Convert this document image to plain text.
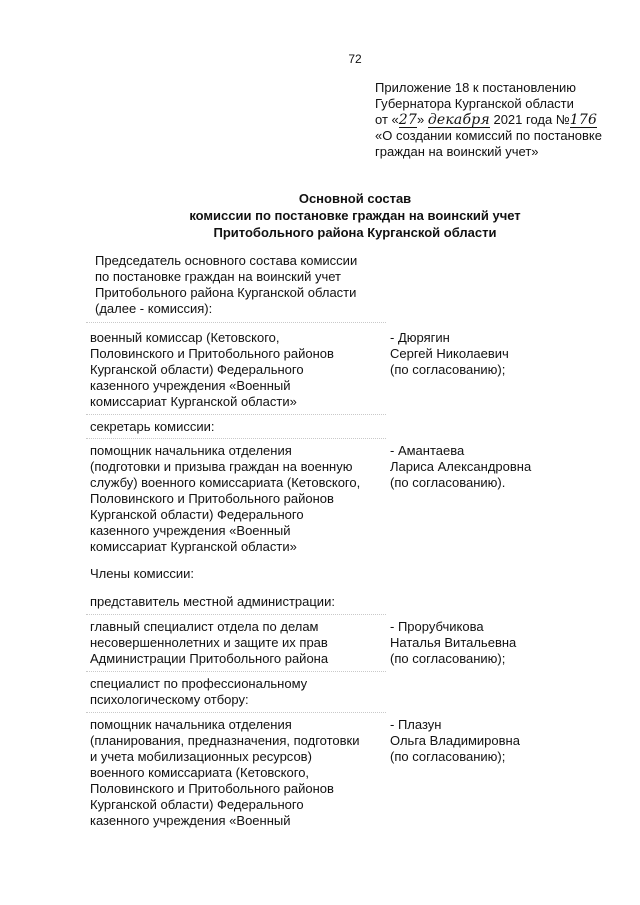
72
Приложение 18 к постановлению
Губернатора Курганской области
от «27» декабря 2021 года №176
«О создании комиссий по постановке
граждан на воинский учет»
Основной состав
комиссии по постановке граждан на воинский учет
Притобольного района Курганской области
Председатель основного состава комиссии
по постановке граждан на воинский учет
Притобольного района Курганской области
(далее - комиссия):
военный комиссар (Кетовского,
Половинского и Притобольного районов
Курганской области) Федерального
казенного учреждения «Военный
комиссариат Курганской области»
- Дюрягин
Сергей Николаевич
(по согласованию);
секретарь комиссии:
помощник начальника отделения
(подготовки и призыва граждан на военную
службу) военного комиссариата (Кетовского,
Половинского и Притобольного районов
Курганской области) Федерального
казенного учреждения «Военный
комиссариат Курганской области»
- Амантаева
Лариса Александровна
(по согласованию).
Члены комиссии:
представитель местной администрации:
главный специалист отдела по делам
несовершеннолетних и защите их прав
Администрации Притобольного района
- Прорубчикова
Наталья Витальевна
(по согласованию);
специалист по профессиональному
психологическому отбору:
помощник начальника отделения
(планирования, предназначения, подготовки
и учета мобилизационных ресурсов)
военного комиссариата (Кетовского,
Половинского и Притобольного районов
Курганской области) Федерального
казенного учреждения «Военный
- Плазун
Ольга Владимировна
(по согласованию);
